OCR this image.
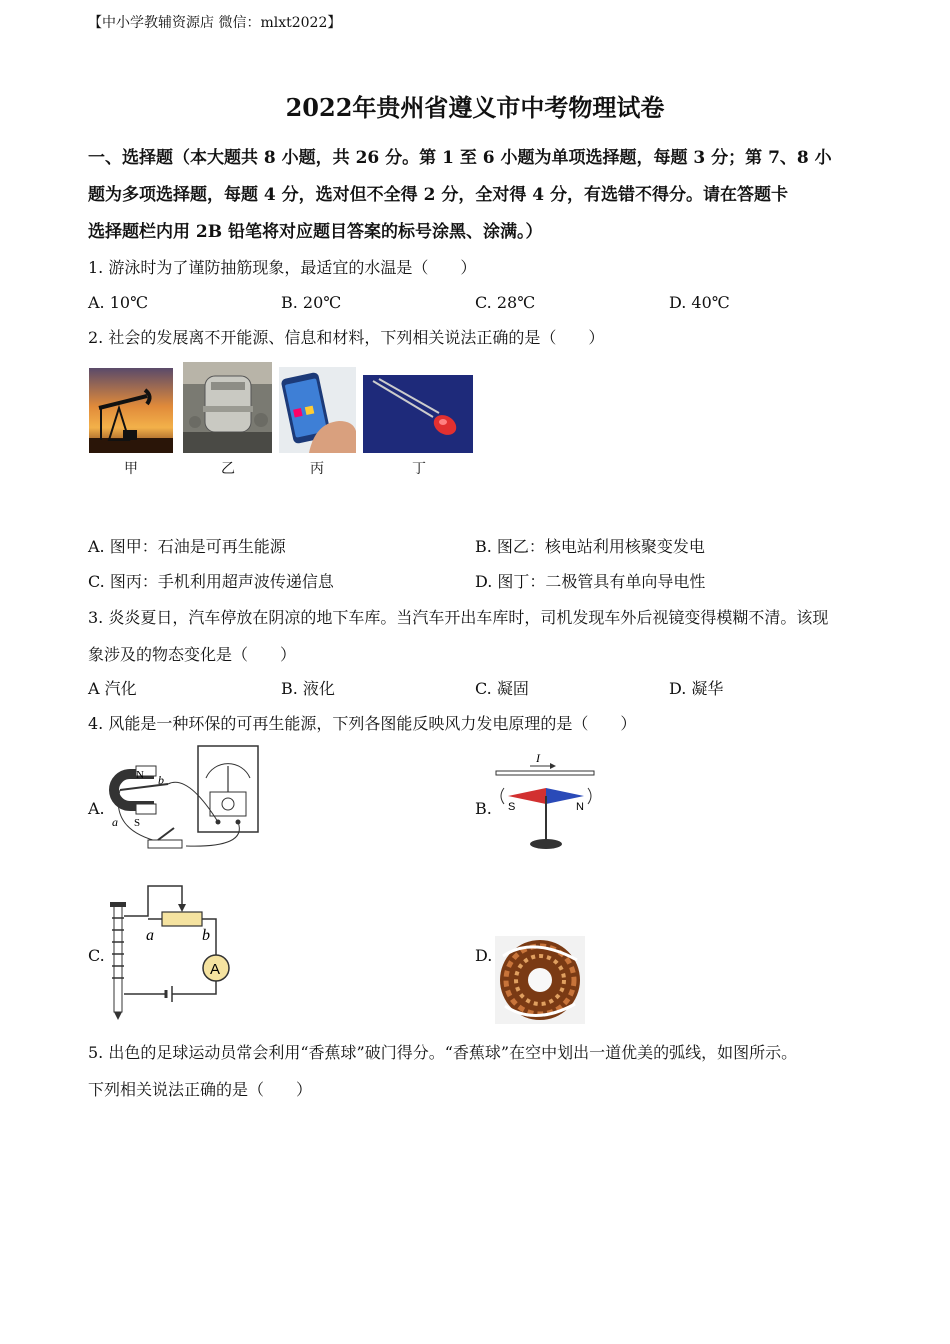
【中小学教辅资源店 微信：mlxt2022】
2022年贵州省遵义市中考物理试卷
一、选择题（本大题共 8 小题，共 26 分。第 1 至 6 小题为单项选择题，每题 3 分；第 7、8 小
题为多项选择题，每题 4 分，选对但不全得 2 分，全对得 4 分，有选错不得分。请在答题卡
选择题栏内用 2B 铅笔将对应题目答案的标号涂黑、涂满。）
1. 游泳时为了谨防抽筋现象，最适宜的水温是（　　）
A. 10℃	B. 20℃	C. 28℃	D. 40℃
2. 社会的发展离不开能源、信息和材料，下列相关说法正确的是（　　）
甲	乙	丙	丁
A. 图甲：石油是可再生能源	B. 图乙：核电站利用核聚变发电
C. 图丙：手机利用超声波传递信息	D. 图丁：二极管具有单向导电性
3. 炎炎夏日，汽车停放在阴凉的地下车库。当汽车开出车库时，司机发现车外后视镜变得模糊不清。该现
象涉及的物态变化是（　　）
A 汽化	B. 液化	C. 凝固	D. 凝华
4. 风能是一种环保的可再生能源，下列各图能反映风力发电原理的是（　　）
A.
N
S
a
b
B.
I
S	N
C.
a	b
A
D.
5. 出色的足球运动员常会利用“香蕉球”破门得分。“香蕉球”在空中划出一道优美的弧线，如图所示。
下列相关说法正确的是（　　）
